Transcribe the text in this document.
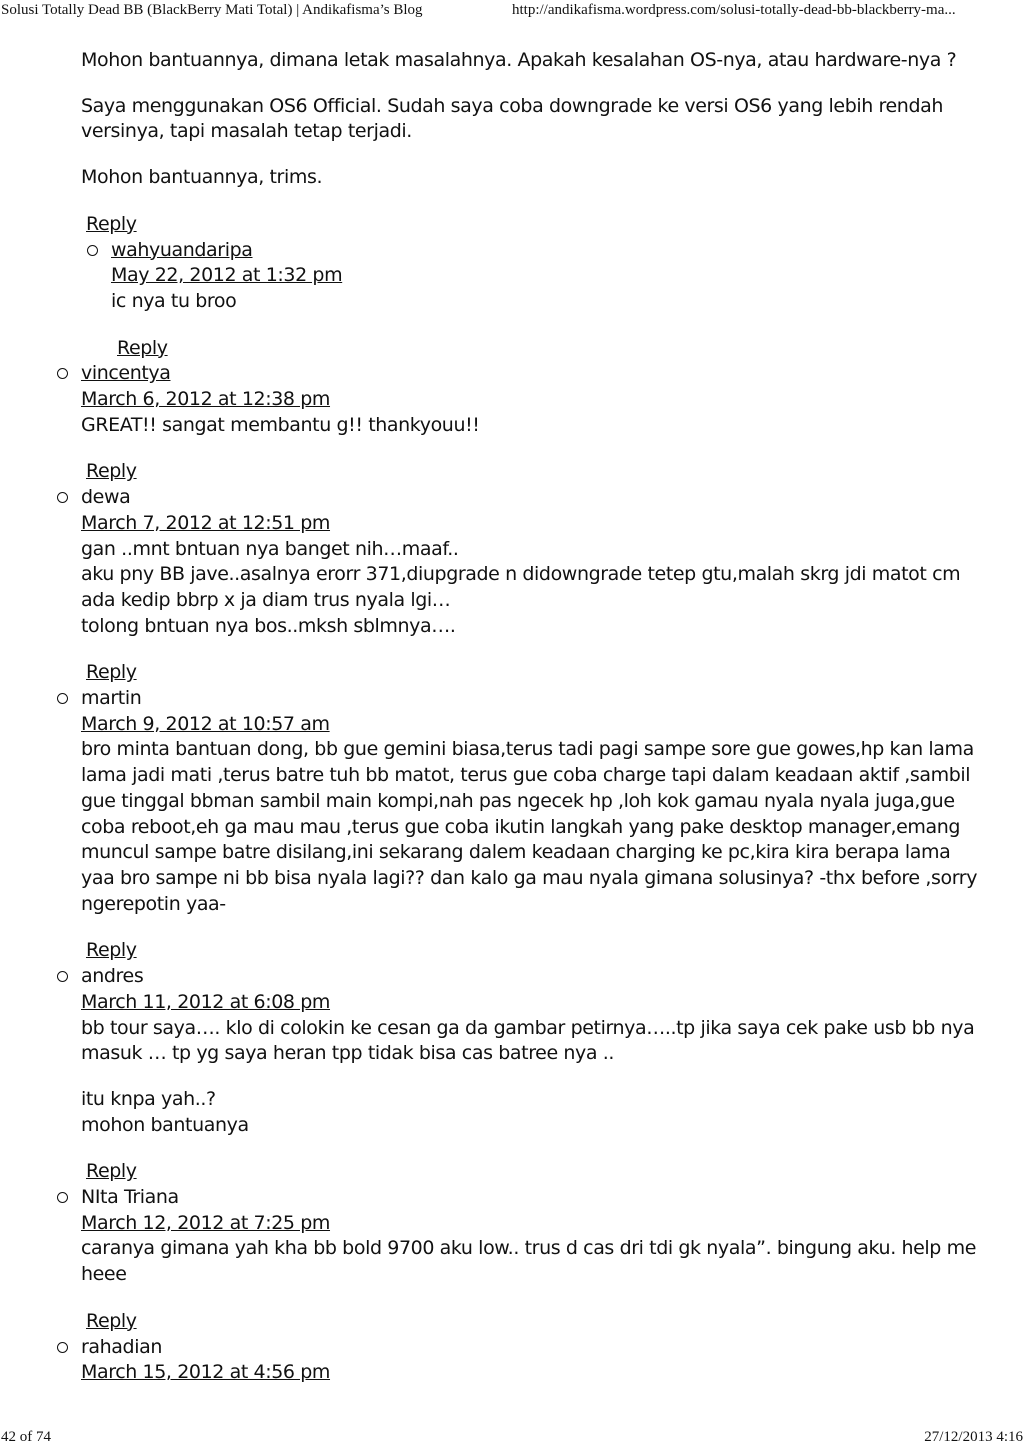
Solusi Totally Dead BB (BlackBerry Mati Total) | Andikafisma’s Blog	http://andikafisma.wordpress.com/solusi-totally-dead-bb-blackberry-ma...
Mohon bantuannya, dimana letak masalahnya. Apakah kesalahan OS-nya, atau hardware-nya ?
Saya menggunakan OS6 Official. Sudah saya coba downgrade ke versi OS6 yang lebih rendah versinya, tapi masalah tetap terjadi.
Mohon bantuannya, trims.
Reply
wahyuandaripa
May 22, 2012 at 1:32 pm
ic nya tu broo
Reply
vincentya
March 6, 2012 at 12:38 pm
GREAT!! sangat membantu g!! thankyouu!!
Reply
dewa
March 7, 2012 at 12:51 pm
gan ..mnt bntuan nya banget nih…maaf..
aku pny BB jave..asalnya erorr 371,diupgrade n didowngrade tetep gtu,malah skrg jdi matot cm ada kedip bbrp x ja diam trus nyala lgi…
tolong bntuan nya bos..mksh sblmnya….
Reply
martin
March 9, 2012 at 10:57 am
bro minta bantuan dong, bb gue gemini biasa,terus tadi pagi sampe sore gue gowes,hp kan lama lama jadi mati ,terus batre tuh bb matot, terus gue coba charge tapi dalam keadaan aktif ,sambil gue tinggal bbman sambil main kompi,nah pas ngecek hp ,loh kok gamau nyala nyala juga,gue coba reboot,eh ga mau mau ,terus gue coba ikutin langkah yang pake desktop manager,emang muncul sampe batre disilang,ini sekarang dalem keadaan charging ke pc,kira kira berapa lama yaa bro sampe ni bb bisa nyala lagi?? dan kalo ga mau nyala gimana solusinya? -thx before ,sorry ngerepotin yaa-
Reply
andres
March 11, 2012 at 6:08 pm
bb tour saya…. klo di colokin ke cesan ga da gambar petirnya…..tp jika saya cek pake usb bb nya masuk … tp yg saya heran tpp tidak bisa cas batree nya ..
itu knpa yah..?
mohon bantuanya
Reply
NIta Triana
March 12, 2012 at 7:25 pm
caranya gimana yah kha bb bold 9700 aku low.. trus d cas dri tdi gk nyala”. bingung aku. help me heee
Reply
rahadian
March 15, 2012 at 4:56 pm
42 of 74	27/12/2013 4:16
